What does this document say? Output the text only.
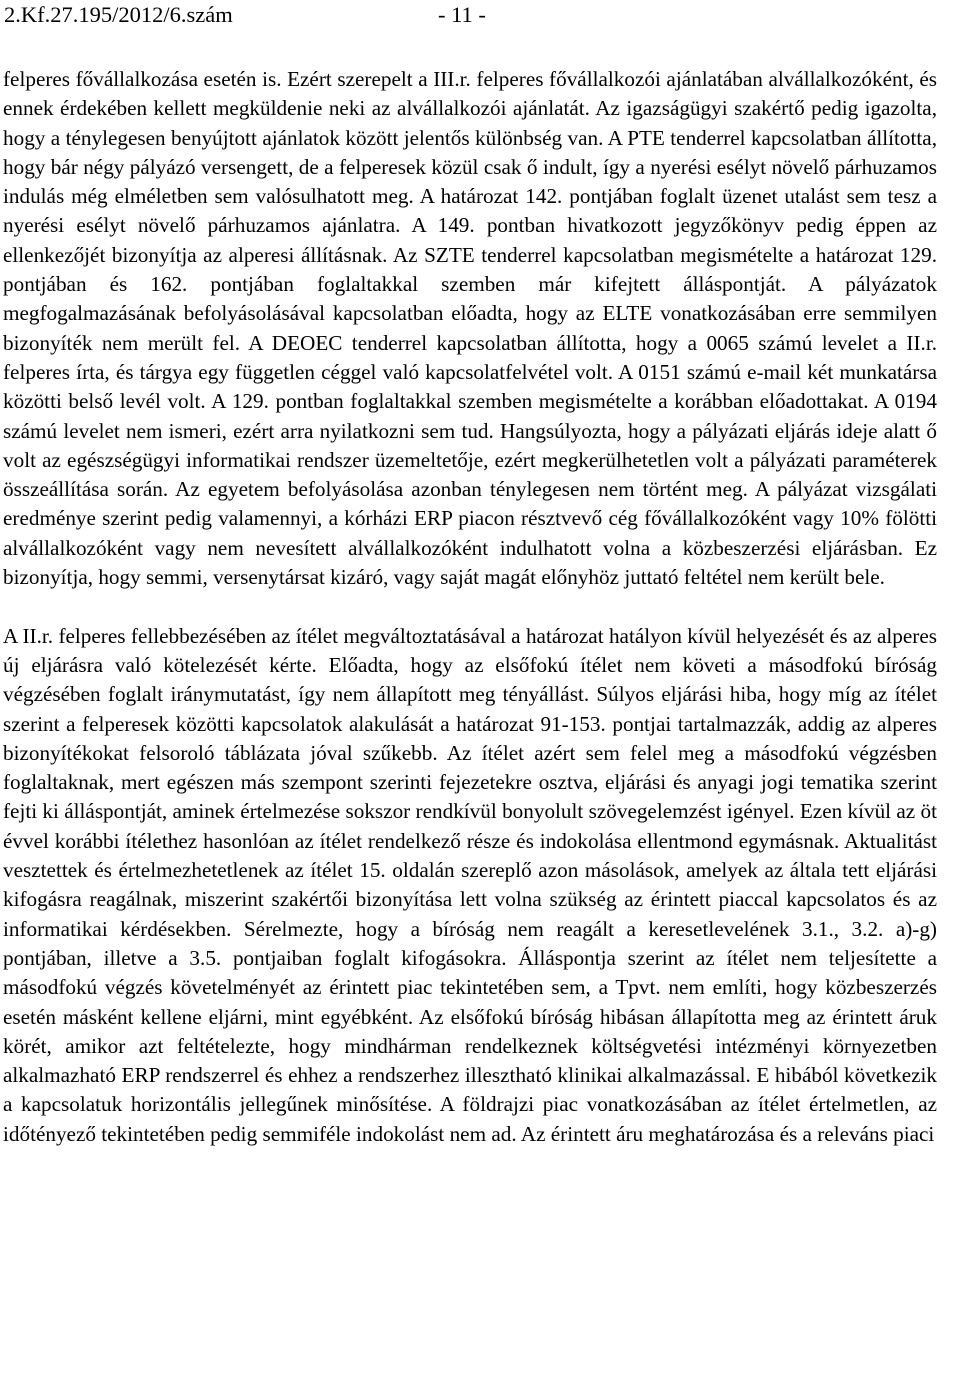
2.Kf.27.195/2012/6.szám	- 11 -

felperes fővállalkozása esetén is. Ezért szerepelt a III.r. felperes fővállalkozói ajánlatában alvállalkozóként, és ennek érdekében kellett megküldenie neki az alvállalkozói ajánlatát. Az igazságügyi szakértő pedig igazolta, hogy a ténylegesen benyújtott ajánlatok között jelentős különbség van. A PTE tenderrel kapcsolatban állította, hogy bár négy pályázó versengett, de a felperesek közül csak ő indult, így a nyerési esélyt növelő párhuzamos indulás még elméletben sem valósulhatott meg. A határozat 142. pontjában foglalt üzenet utalást sem tesz a nyerési esélyt növelő párhuzamos ajánlatra. A 149. pontban hivatkozott jegyzőkönyv pedig éppen az ellenkezőjét bizonyítja az alperesi állításnak. Az SZTE tenderrel kapcsolatban megismételte a határozat 129. pontjában és 162. pontjában foglaltakkal szemben már kifejtett álláspontját. A pályázatok megfogalmazásának befolyásolásával kapcsolatban előadta, hogy az ELTE vonatkozásában erre semmilyen bizonyíték nem merült fel. A DEOEC tenderrel kapcsolatban állította, hogy a 0065 számú levelet a II.r. felperes írta, és tárgya egy független céggel való kapcsolatfelvétel volt. A 0151 számú e-mail két munkatársa közötti belső levél volt. A 129. pontban foglaltakkal szemben megismételte a korábban előadottakat. A 0194 számú levelet nem ismeri, ezért arra nyilatkozni sem tud. Hangsúlyozta, hogy a pályázati eljárás ideje alatt ő volt az egészségügyi informatikai rendszer üzemeltetője, ezért megkerülhetetlen volt a pályázati paraméterek összeállítása során. Az egyetem befolyásolása azonban ténylegesen nem történt meg. A pályázat vizsgálati eredménye szerint pedig valamennyi, a kórházi ERP piacon résztvevő cég fővállalkozóként vagy 10% fölötti alvállalkozóként vagy nem nevesített alvállalkozóként indulhatott volna a közbeszerzési eljárásban. Ez bizonyítja, hogy semmi, versenytársat kizáró, vagy saját magát előnyhöz juttató feltétel nem került bele.

A II.r. felperes fellebbezésében az ítélet megváltoztatásával a határozat hatályon kívül helyezését és az alperes új eljárásra való kötelezését kérte. Előadta, hogy az elsőfokú ítélet nem követi a másodfokú bíróság végzésében foglalt iránymutatást, így nem állapított meg tényállást. Súlyos eljárási hiba, hogy míg az ítélet szerint a felperesek közötti kapcsolatok alakulását a határozat 91-153. pontjai tartalmazzák, addig az alperes bizonyítékokat felsoroló táblázata jóval szűkebb. Az ítélet azért sem felel meg a másodfokú végzésben foglaltaknak, mert egészen más szempont szerinti fejezetekre osztva, eljárási és anyagi jogi tematika szerint fejti ki álláspontját, aminek értelmezése sokszor rendkívül bonyolult szövegelemzést igényel. Ezen kívül az öt évvel korábbi ítélethez hasonlóan az ítélet rendelkező része és indokolása ellentmond egymásnak. Aktualitást vesztettek és értelmezhetetlenek az ítélet 15. oldalán szereplő azon másolások, amelyek az általa tett eljárási kifogásra reagálnak, miszerint szakértői bizonyítása lett volna szükség az érintett piaccal kapcsolatos és az informatikai kérdésekben. Sérelmezte, hogy a bíróság nem reagált a keresetlevelének 3.1., 3.2. a)-g) pontjában, illetve a 3.5. pontjaiban foglalt kifogásokra. Álláspontja szerint az ítélet nem teljesítette a másodfokú végzés követelményét az érintett piac tekintetében sem, a Tpvt. nem említi, hogy közbeszerzés esetén másként kellene eljárni, mint egyébként. Az elsőfokú bíróság hibásan állapította meg az érintett áruk körét, amikor azt feltételezte, hogy mindhárman rendelkeznek költségvetési intézményi környezetben alkalmazható ERP rendszerrel és ehhez a rendszerhez illesztható klinikai alkalmazással. E hibából következik a kapcsolatuk horizontális jellegűnek minősítése. A földrajzi piac vonatkozásában az ítélet értelmetlen, az időtényező tekintetében pedig semmiféle indokolást nem ad. Az érintett áru meghatározása és a releváns piaci
